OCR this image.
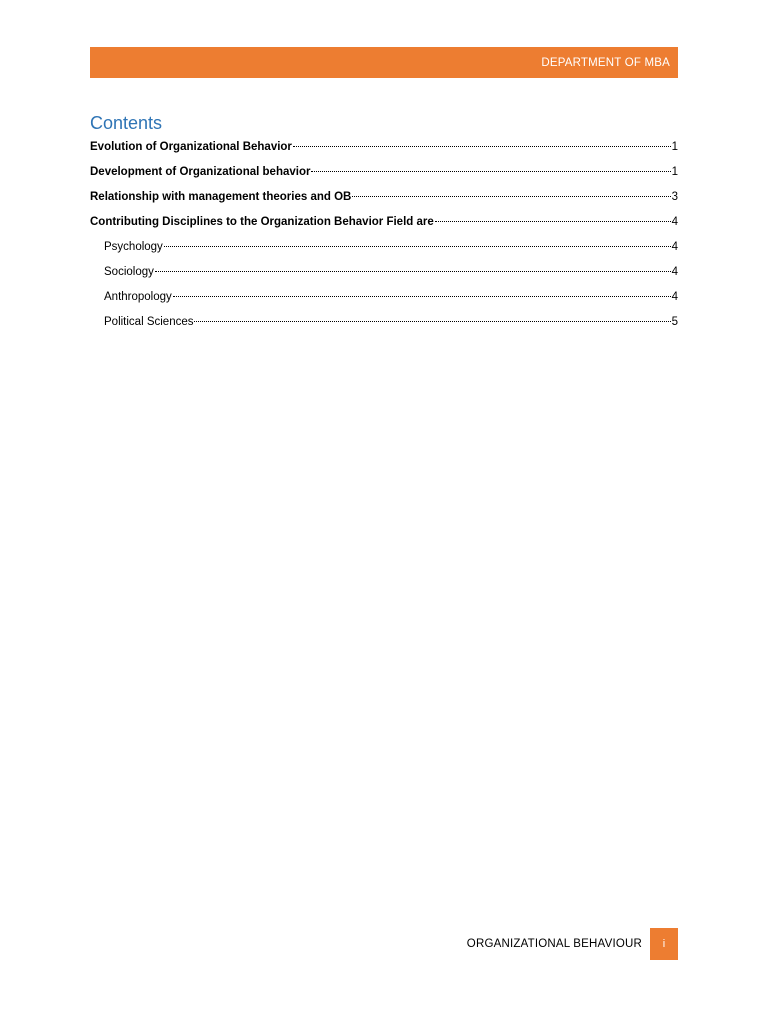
DEPARTMENT OF MBA
Contents
Evolution of Organizational Behavior	1
Development of Organizational behavior	1
Relationship with management theories and OB	3
Contributing Disciplines to the Organization Behavior Field are	4
Psychology	4
Sociology	4
Anthropology	4
Political Sciences	5
ORGANIZATIONAL BEHAVIOUR	i
